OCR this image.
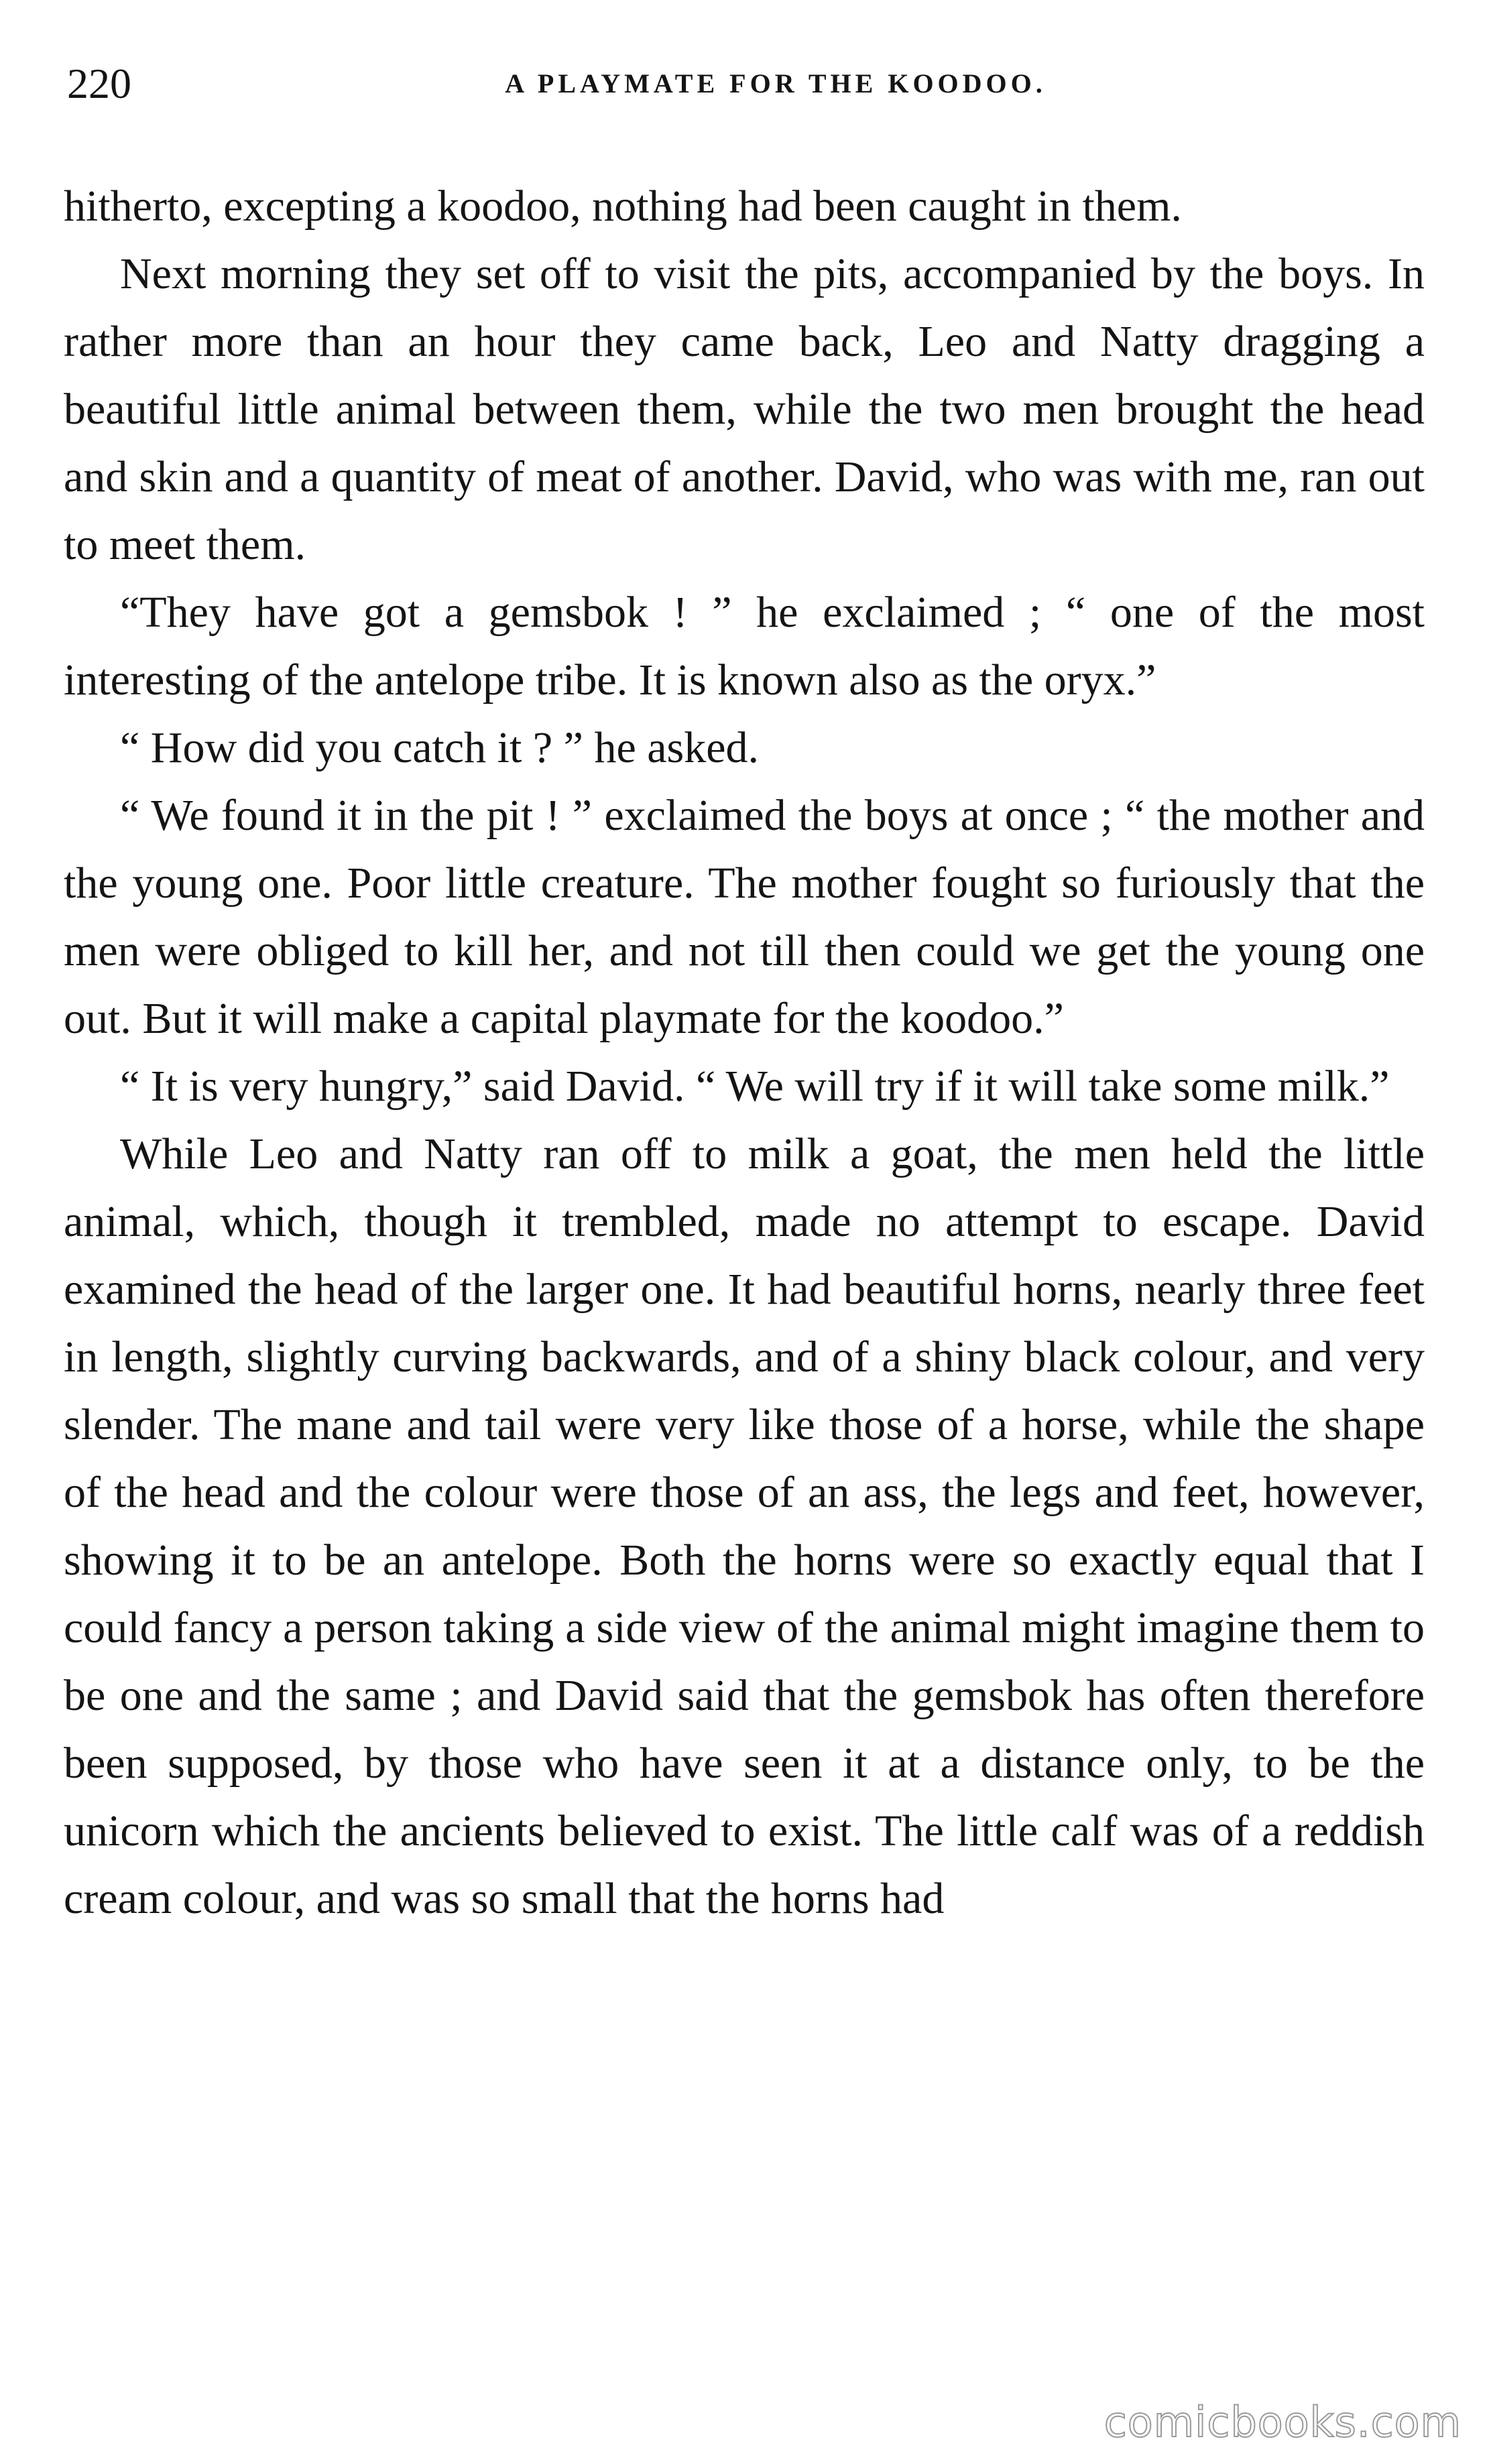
220	A PLAYMATE FOR THE KOODOO.

hitherto, excepting a koodoo, nothing had been caught in them.

Next morning they set off to visit the pits, accompanied by the boys. In rather more than an hour they came back, Leo and Natty dragging a beautiful little animal between them, while the two men brought the head and skin and a quantity of meat of another. David, who was with me, ran out to meet them.

“They have got a gemsbok ! ” he exclaimed ; “ one of the most interesting of the antelope tribe. It is known also as the oryx.”

“ How did you catch it ? ” he asked.

“ We found it in the pit ! ” exclaimed the boys at once ; “ the mother and the young one. Poor little creature. The mother fought so furiously that the men were obliged to kill her, and not till then could we get the young one out. But it will make a capital playmate for the koodoo.”

“ It is very hungry,” said David. “ We will try if it will take some milk.”

While Leo and Natty ran off to milk a goat, the men held the little animal, which, though it trembled, made no attempt to escape. David examined the head of the larger one. It had beautiful horns, nearly three feet in length, slightly curving backwards, and of a shiny black colour, and very slender. The mane and tail were very like those of a horse, while the shape of the head and the colour were those of an ass, the legs and feet, however, showing it to be an antelope. Both the horns were so exactly equal that I could fancy a person taking a side view of the animal might imagine them to be one and the same ; and David said that the gemsbok has often therefore been supposed, by those who have seen it at a distance only, to be the unicorn which the ancients believed to exist. The little calf was of a reddish cream colour, and was so small that the horns had

comicbooks.com
